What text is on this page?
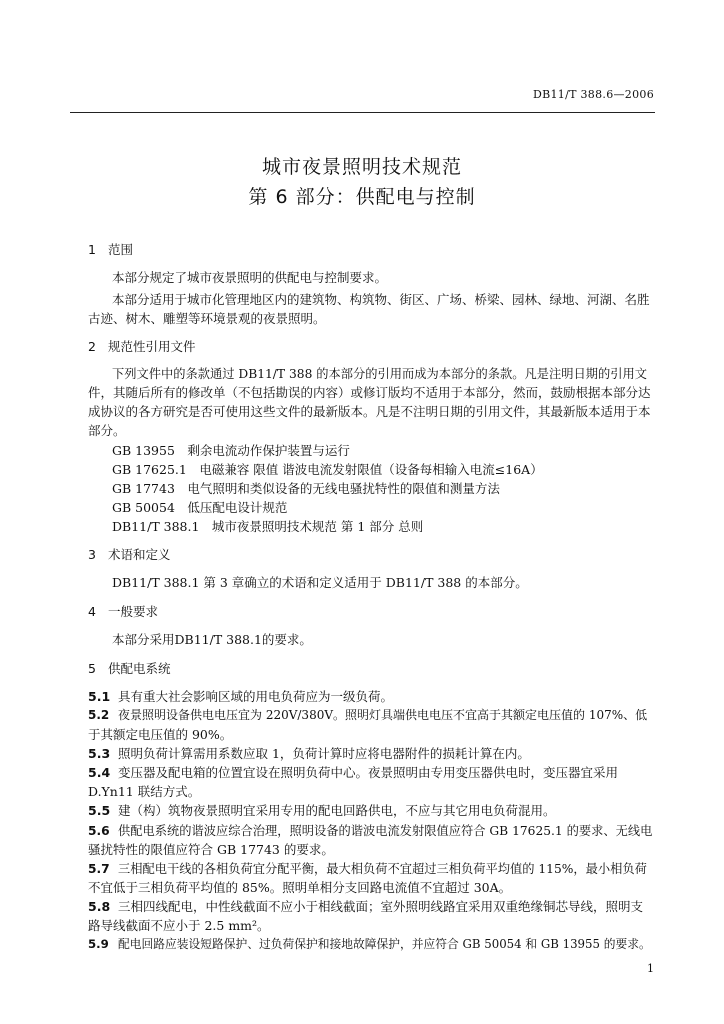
DB11/T 388.6—2006
城市夜景照明技术规范
第 6 部分：供配电与控制
1 范围
本部分规定了城市夜景照明的供配电与控制要求。
本部分适用于城市化管理地区内的建筑物、构筑物、街区、广场、桥梁、园林、绿地、河湖、名胜
古迹、树木、雕塑等环境景观的夜景照明。
2 规范性引用文件
下列文件中的条款通过 DB11/T 388 的本部分的引用而成为本部分的条款。凡是注明日期的引用文
件，其随后所有的修改单（不包括勘误的内容）或修订版均不适用于本部分，然而，鼓励根据本部分达
成协议的各方研究是否可使用这些文件的最新版本。凡是不注明日期的引用文件，其最新版本适用于本
部分。
GB 13955　剩余电流动作保护装置与运行
GB 17625.1　电磁兼容 限值 谐波电流发射限值（设备每相输入电流≤16A）
GB 17743　电气照明和类似设备的无线电骚扰特性的限值和测量方法
GB 50054　低压配电设计规范
DB11/T 388.1　城市夜景照明技术规范 第 1 部分 总则
3 术语和定义
DB11/T 388.1 第 3 章确立的术语和定义适用于 DB11/T 388 的本部分。
4 一般要求
本部分采用DB11/T 388.1的要求。
5 供配电系统
5.1 具有重大社会影响区域的用电负荷应为一级负荷。
5.2 夜景照明设备供电电压宜为 220V/380V。照明灯具端供电电压不宜高于其额定电压值的 107%、低
于其额定电压值的 90%。
5.3 照明负荷计算需用系数应取 1，负荷计算时应将电器附件的损耗计算在内。
5.4 变压器及配电箱的位置宜设在照明负荷中心。夜景照明由专用变压器供电时，变压器宜采用
D.Yn11 联结方式。
5.5 建（构）筑物夜景照明宜采用专用的配电回路供电，不应与其它用电负荷混用。
5.6 供配电系统的谐波应综合治理，照明设备的谐波电流发射限值应符合 GB 17625.1 的要求、无线电
骚扰特性的限值应符合 GB 17743 的要求。
5.7 三相配电干线的各相负荷宜分配平衡，最大相负荷不宜超过三相负荷平均值的 115%，最小相负荷
不宜低于三相负荷平均值的 85%。照明单相分支回路电流值不宜超过 30A。
5.8 三相四线配电，中性线截面不应小于相线截面；室外照明线路宜采用双重绝缘铜芯导线，照明支
路导线截面不应小于 2.5 mm²。
5.9 配电回路应装设短路保护、过负荷保护和接地故障保护，并应符合 GB 50054 和 GB 13955 的要求。
1
